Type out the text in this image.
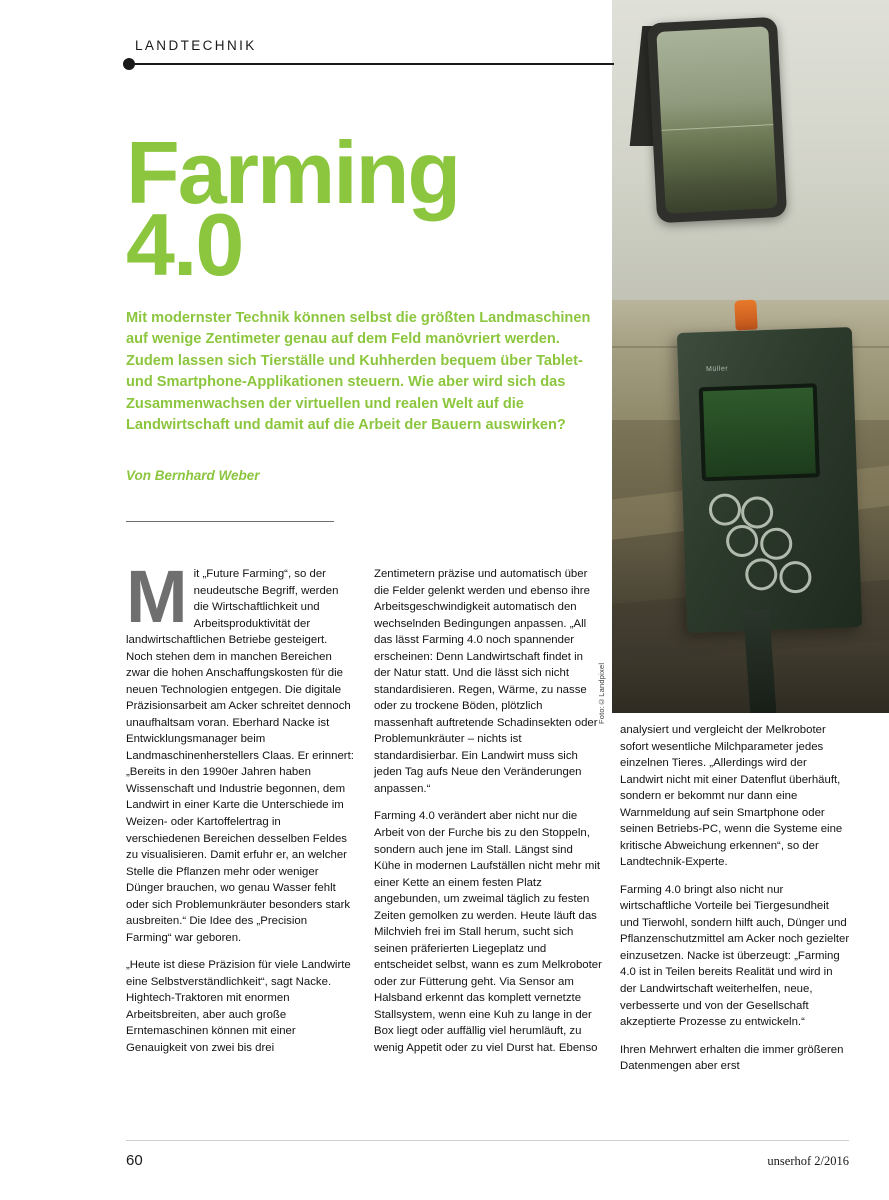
Müller
Foto:©Landpixel
LANDTECHNIK
Farming
4.0
Mit modernster Technik können selbst die größten Landmaschinen auf wenige Zentimeter genau auf dem Feld manövriert werden. Zudem lassen sich Tierställe und Kuhherden bequem über Tablet- und Smartphone-Applikationen steuern. Wie aber wird sich das Zusammenwachsen der virtuellen und realen Welt auf die Landwirtschaft und damit auf die Arbeit der Bauern auswirken?
Von Bernhard Weber

M it „Future Farming“, so der neudeutsche Begriff, werden die Wirtschaftlichkeit und Arbeitsproduktivität der landwirtschaftlichen Betriebe gesteigert. Noch stehen dem in manchen Bereichen zwar die hohen Anschaffungskosten für die neuen Technologien entgegen. Die digitale Präzisionsarbeit am Acker schreitet dennoch unaufhaltsam voran. Eberhard Nacke ist Entwicklungsmanager beim Landmaschinenherstellers Claas. Er erinnert: „Bereits in den 1990er Jahren haben Wissenschaft und Industrie begonnen, dem Landwirt in einer Karte die Unterschiede im Weizen- oder Kartoffelertrag in verschiedenen Bereichen desselben Feldes zu visualisieren. Damit erfuhr er, an welcher Stelle die Pflanzen mehr oder weniger Dünger brauchen, wo genau Wasser fehlt oder sich Problemunkräuter besonders stark ausbreiten.“ Die Idee des „Precision Farming“ war geboren.

„Heute ist diese Präzision für viele Landwirte eine Selbstverständlichkeit“, sagt Nacke. Hightech-Traktoren mit enormen Arbeitsbreiten, aber auch große Erntemaschinen können mit einer Genauigkeit von zwei bis drei

Zentimetern präzise und automatisch über die Felder gelenkt werden und ebenso ihre Arbeitsgeschwindigkeit automatisch den wechselnden Bedingungen anpassen. „All das lässt Farming 4.0 noch spannender erscheinen: Denn Landwirtschaft findet in der Natur statt. Und die lässt sich nicht standardisieren. Regen, Wärme, zu nasse oder zu trockene Böden, plötzlich massenhaft auftretende Schadinsekten oder Problemunkräuter – nichts ist standardisierbar. Ein Landwirt muss sich jeden Tag aufs Neue den Veränderungen anpassen.“

Farming 4.0 verändert aber nicht nur die Arbeit von der Furche bis zu den Stoppeln, sondern auch jene im Stall. Längst sind Kühe in modernen Laufställen nicht mehr mit einer Kette an einem festen Platz angebunden, um zweimal täglich zu festen Zeiten gemolken zu werden. Heute läuft das Milchvieh frei im Stall herum, sucht sich seinen präferierten Liegeplatz und entscheidet selbst, wann es zum Melkroboter oder zur Fütterung geht. Via Sensor am Halsband erkennt das komplett vernetzte Stallsystem, wenn eine Kuh zu lange in der Box liegt oder auffällig viel herumläuft, zu wenig Appetit oder zu viel Durst hat. Ebenso

analysiert und vergleicht der Melkroboter sofort wesentliche Milchparameter jedes einzelnen Tieres. „Allerdings wird der Landwirt nicht mit einer Datenflut überhäuft, sondern er bekommt nur dann eine Warnmeldung auf sein Smartphone oder seinen Betriebs-PC, wenn die Systeme eine kritische Abweichung erkennen“, so der Landtechnik-Experte.

Farming 4.0 bringt also nicht nur wirtschaftliche Vorteile bei Tiergesundheit und Tierwohl, sondern hilft auch, Dünger und Pflanzenschutzmittel am Acker noch gezielter einzusetzen. Nacke ist überzeugt: „Farming 4.0 ist in Teilen bereits Realität und wird in der Landwirtschaft weiterhelfen, neue, verbesserte und von der Gesellschaft akzeptierte Prozesse zu entwickeln.“

Ihren Mehrwert erhalten die immer größeren Datenmengen aber erst

60	unserhof 2/2016
